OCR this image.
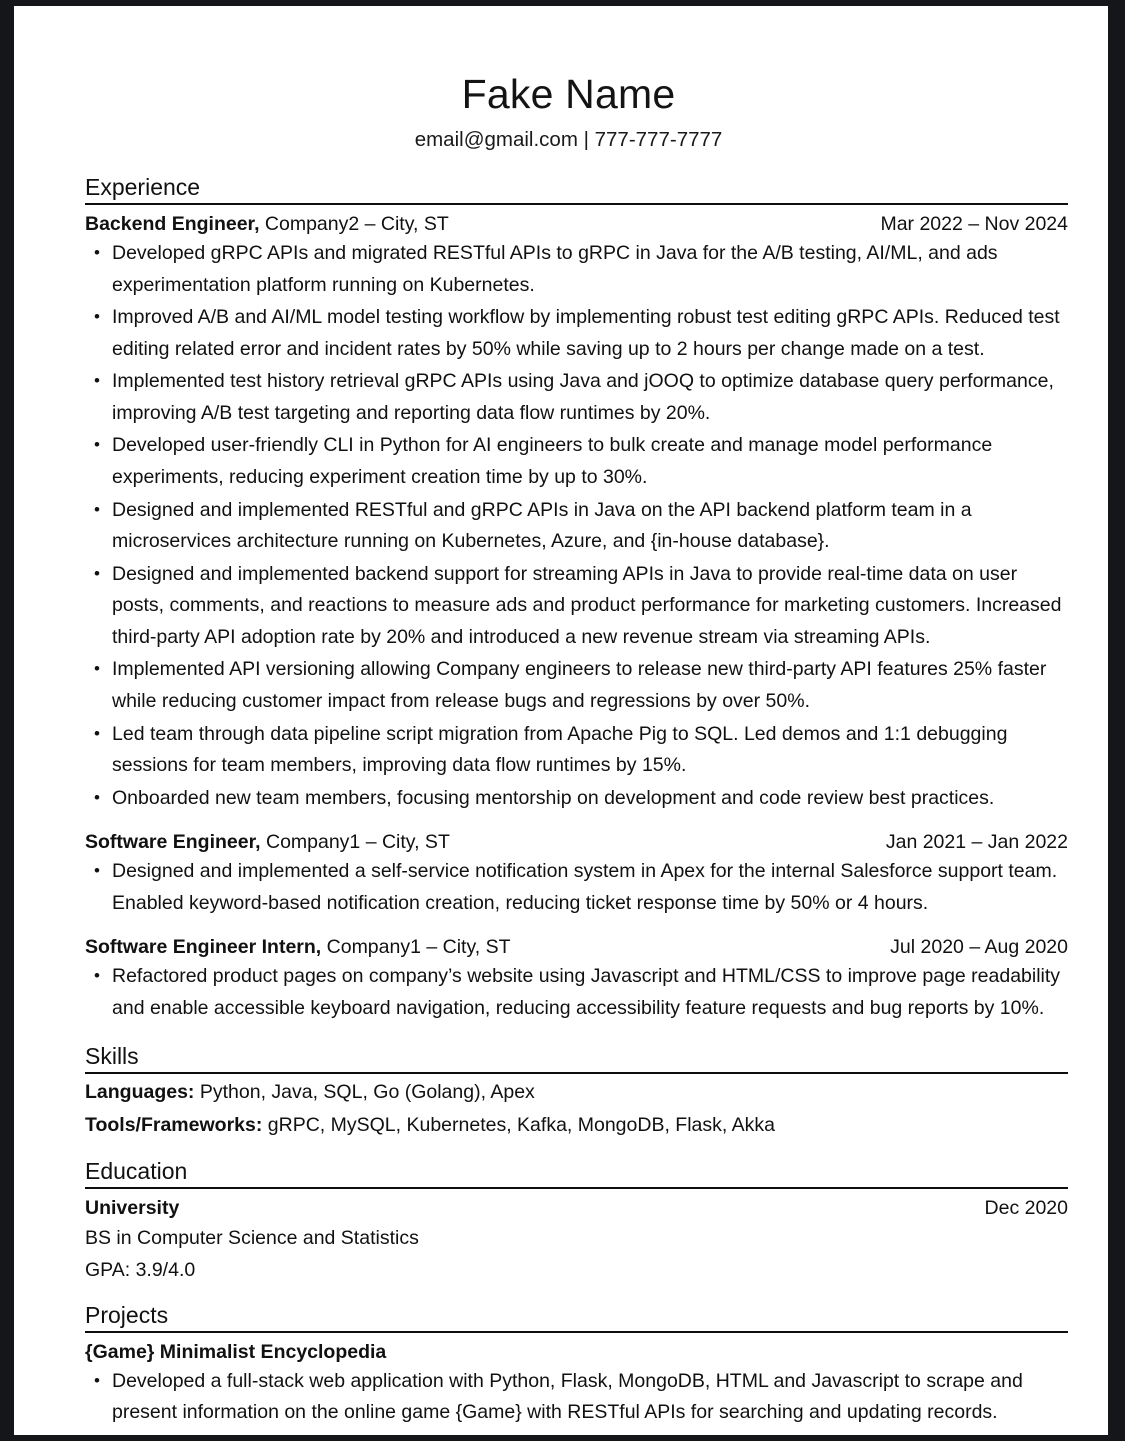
Fake Name
email@gmail.com | 777-777-7777
Experience
Backend Engineer, Company2 – City, ST	Mar 2022 – Nov 2024
• Developed gRPC APIs and migrated RESTful APIs to gRPC in Java for the A/B testing, AI/ML, and ads experimentation platform running on Kubernetes.
• Improved A/B and AI/ML model testing workflow by implementing robust test editing gRPC APIs. Reduced test editing related error and incident rates by 50% while saving up to 2 hours per change made on a test.
• Implemented test history retrieval gRPC APIs using Java and jOOQ to optimize database query performance, improving A/B test targeting and reporting data flow runtimes by 20%.
• Developed user-friendly CLI in Python for AI engineers to bulk create and manage model performance experiments, reducing experiment creation time by up to 30%.
• Designed and implemented RESTful and gRPC APIs in Java on the API backend platform team in a microservices architecture running on Kubernetes, Azure, and {in-house database}.
• Designed and implemented backend support for streaming APIs in Java to provide real-time data on user posts, comments, and reactions to measure ads and product performance for marketing customers. Increased third-party API adoption rate by 20% and introduced a new revenue stream via streaming APIs.
• Implemented API versioning allowing Company engineers to release new third-party API features 25% faster while reducing customer impact from release bugs and regressions by over 50%.
• Led team through data pipeline script migration from Apache Pig to SQL. Led demos and 1:1 debugging sessions for team members, improving data flow runtimes by 15%.
• Onboarded new team members, focusing mentorship on development and code review best practices.
Software Engineer, Company1 – City, ST	Jan 2021 – Jan 2022
• Designed and implemented a self-service notification system in Apex for the internal Salesforce support team. Enabled keyword-based notification creation, reducing ticket response time by 50% or 4 hours.
Software Engineer Intern, Company1 – City, ST	Jul 2020 – Aug 2020
• Refactored product pages on company’s website using Javascript and HTML/CSS to improve page readability and enable accessible keyboard navigation, reducing accessibility feature requests and bug reports by 10%.
Skills
Languages: Python, Java, SQL, Go (Golang), Apex
Tools/Frameworks: gRPC, MySQL, Kubernetes, Kafka, MongoDB, Flask, Akka
Education
University	Dec 2020
BS in Computer Science and Statistics
GPA: 3.9/4.0
Projects
{Game} Minimalist Encyclopedia
• Developed a full-stack web application with Python, Flask, MongoDB, HTML and Javascript to scrape and present information on the online game {Game} with RESTful APIs for searching and updating records.
